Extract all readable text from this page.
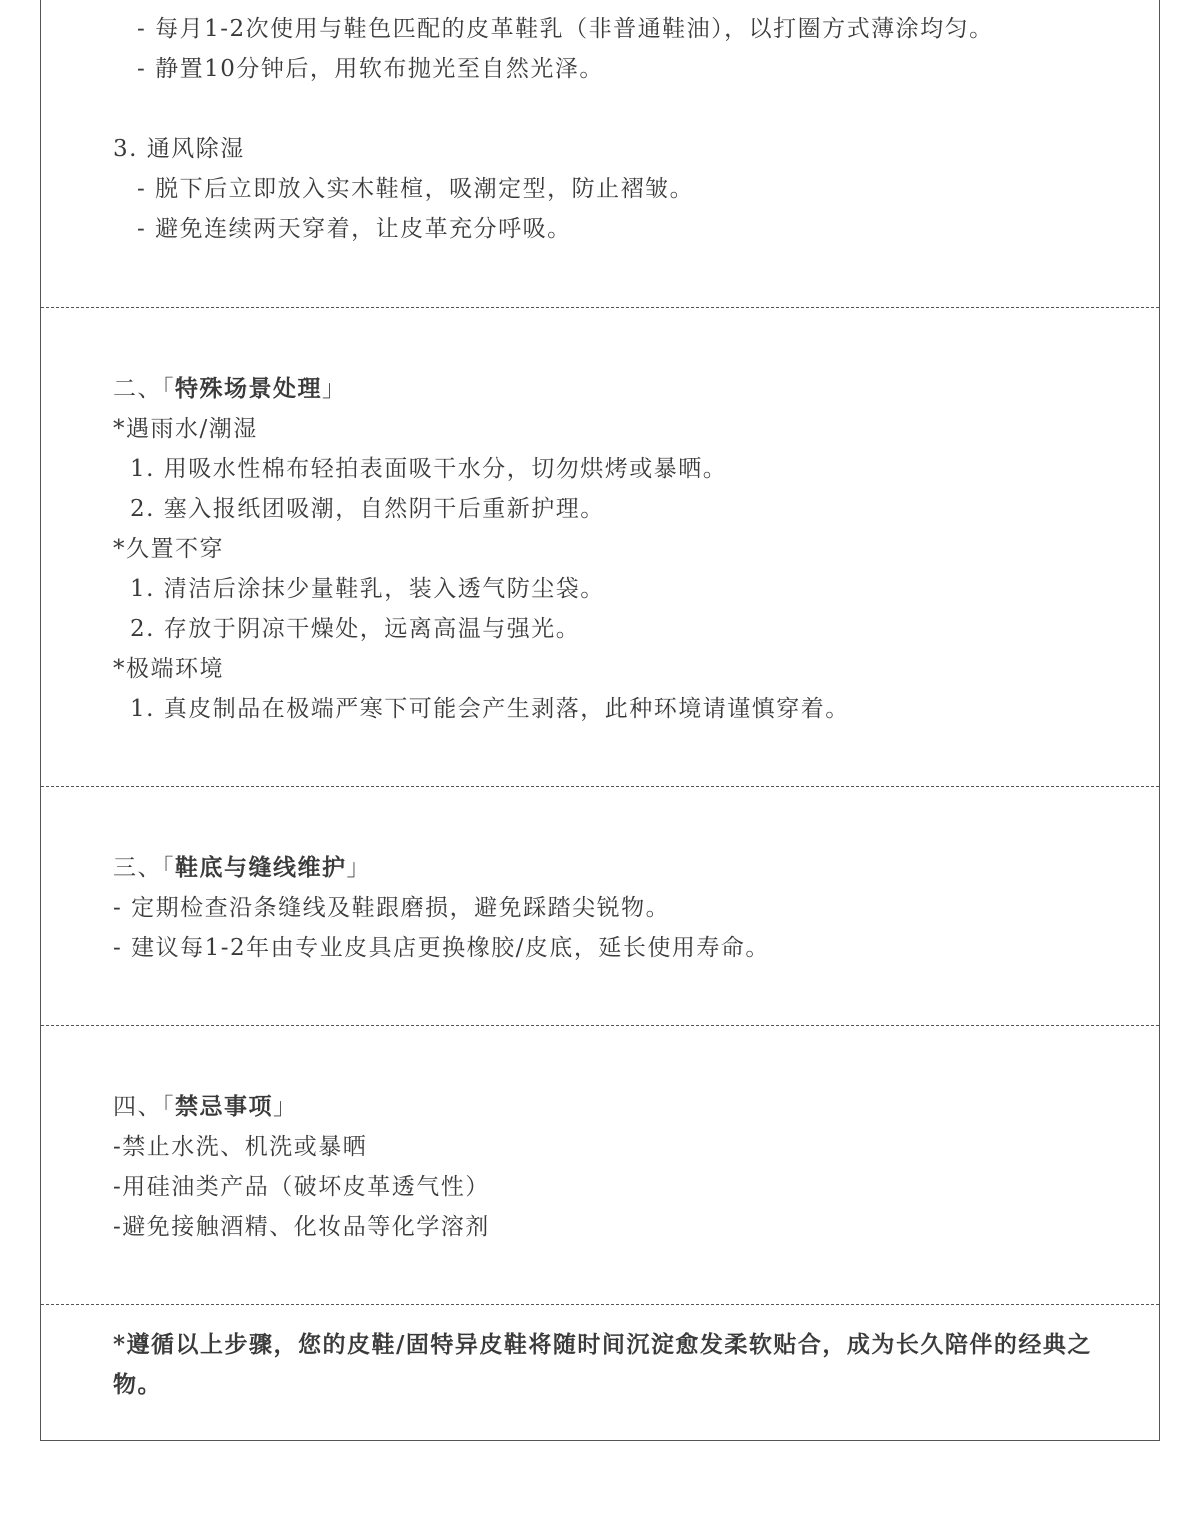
- 每月1-2次使用与鞋色匹配的皮革鞋乳（非普通鞋油），以打圈方式薄涂均匀。
- 静置10分钟后，用软布抛光至自然光泽。
3. 通风除湿
- 脱下后立即放入实木鞋楦，吸潮定型，防止褶皱。
- 避免连续两天穿着，让皮革充分呼吸。
二、「特殊场景处理」
*遇雨水/潮湿
1. 用吸水性棉布轻拍表面吸干水分，切勿烘烤或暴晒。
2. 塞入报纸团吸潮，自然阴干后重新护理。
*久置不穿
1. 清洁后涂抹少量鞋乳，装入透气防尘袋。
2. 存放于阴凉干燥处，远离高温与强光。
*极端环境
1. 真皮制品在极端严寒下可能会产生剥落，此种环境请谨慎穿着。
三、「鞋底与缝线维护」
- 定期检查沿条缝线及鞋跟磨损，避免踩踏尖锐物。
- 建议每1-2年由专业皮具店更换橡胶/皮底，延长使用寿命。
四、「禁忌事项」
-禁止水洗、机洗或暴晒
-用硅油类产品（破坏皮革透气性）
-避免接触酒精、化妆品等化学溶剂
*遵循以上步骤，您的皮鞋/固特异皮鞋将随时间沉淀愈发柔软贴合，成为长久陪伴的经典之物。
